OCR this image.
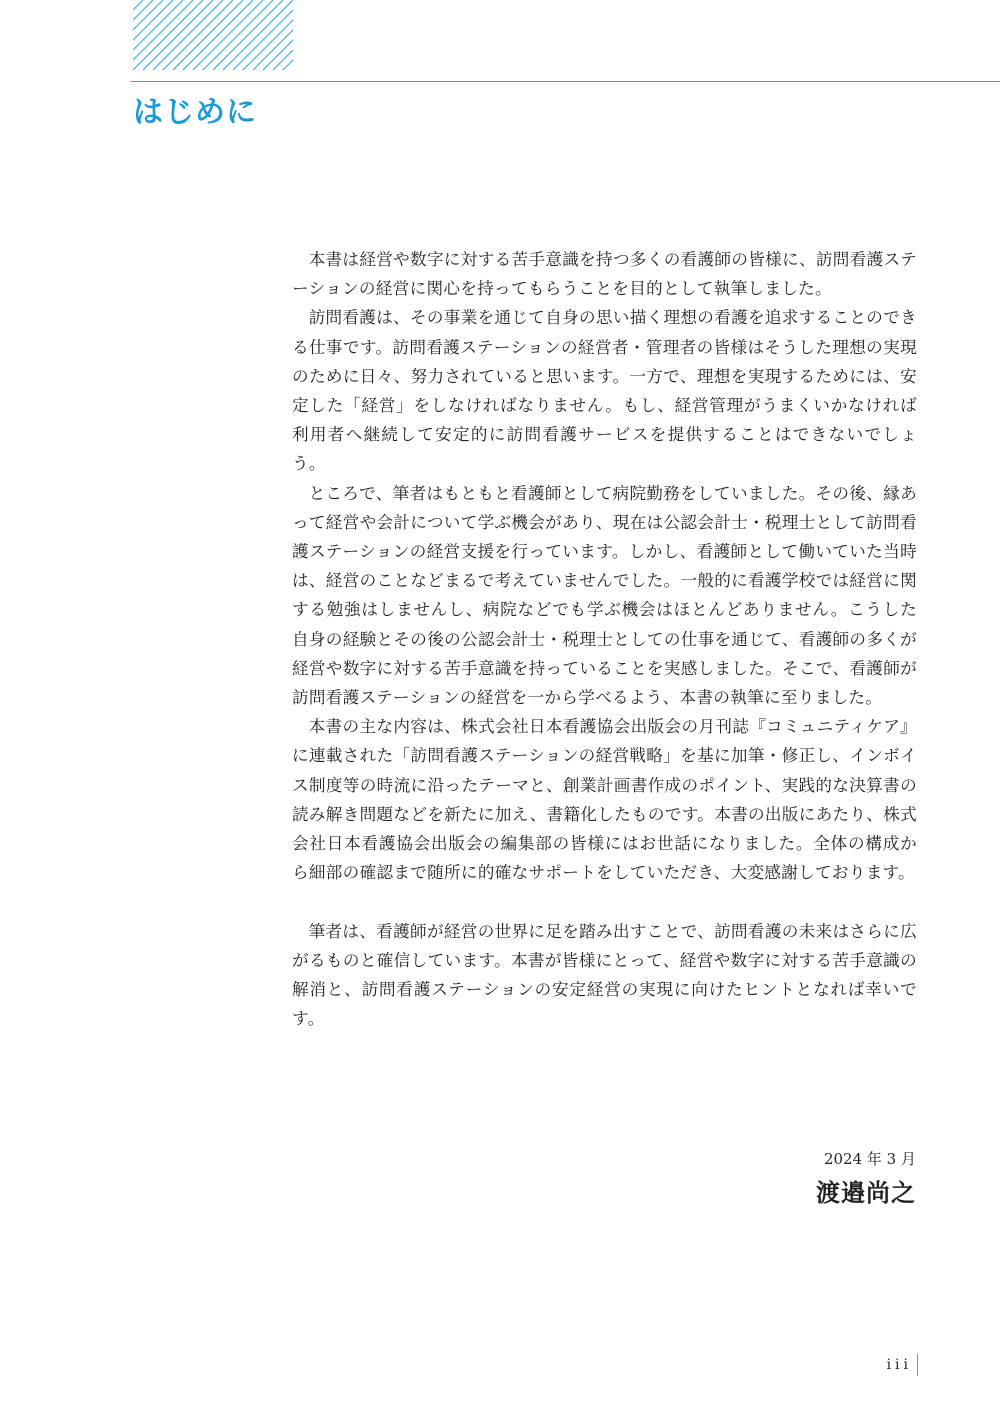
はじめに

本書は経営や数字に対する苦手意識を持つ多くの看護師の皆様に、訪問看護ステーションの経営に関心を持ってもらうことを目的として執筆しました。

訪問看護は、その事業を通じて自身の思い描く理想の看護を追求することのできる仕事です。訪問看護ステーションの経営者・管理者の皆様はそうした理想の実現のために日々、努力されていると思います。一方で、理想を実現するためには、安定した「経営」をしなければなりません。もし、経営管理がうまくいかなければ利用者へ継続して安定的に訪問看護サービスを提供することはできないでしょう。

ところで、筆者はもともと看護師として病院勤務をしていました。その後、縁あって経営や会計について学ぶ機会があり、現在は公認会計士・税理士として訪問看護ステーションの経営支援を行っています。しかし、看護師として働いていた当時は、経営のことなどまるで考えていませんでした。一般的に看護学校では経営に関する勉強はしませんし、病院などでも学ぶ機会はほとんどありません。こうした自身の経験とその後の公認会計士・税理士としての仕事を通じて、看護師の多くが経営や数字に対する苦手意識を持っていることを実感しました。そこで、看護師が訪問看護ステーションの経営を一から学べるよう、本書の執筆に至りました。

本書の主な内容は、株式会社日本看護協会出版会の月刊誌『コミュニティケア』に連載された「訪問看護ステーションの経営戦略」を基に加筆・修正し、インボイス制度等の時流に沿ったテーマと、創業計画書作成のポイント、実践的な決算書の読み解き問題などを新たに加え、書籍化したものです。本書の出版にあたり、株式会社日本看護協会出版会の編集部の皆様にはお世話になりました。全体の構成から細部の確認まで随所に的確なサポートをしていただき、大変感謝しております。

筆者は、看護師が経営の世界に足を踏み出すことで、訪問看護の未来はさらに広がるものと確信しています。本書が皆様にとって、経営や数字に対する苦手意識の解消と、訪問看護ステーションの安定経営の実現に向けたヒントとなれば幸いです。

2024 年 3 月

渡邉尚之

iii
